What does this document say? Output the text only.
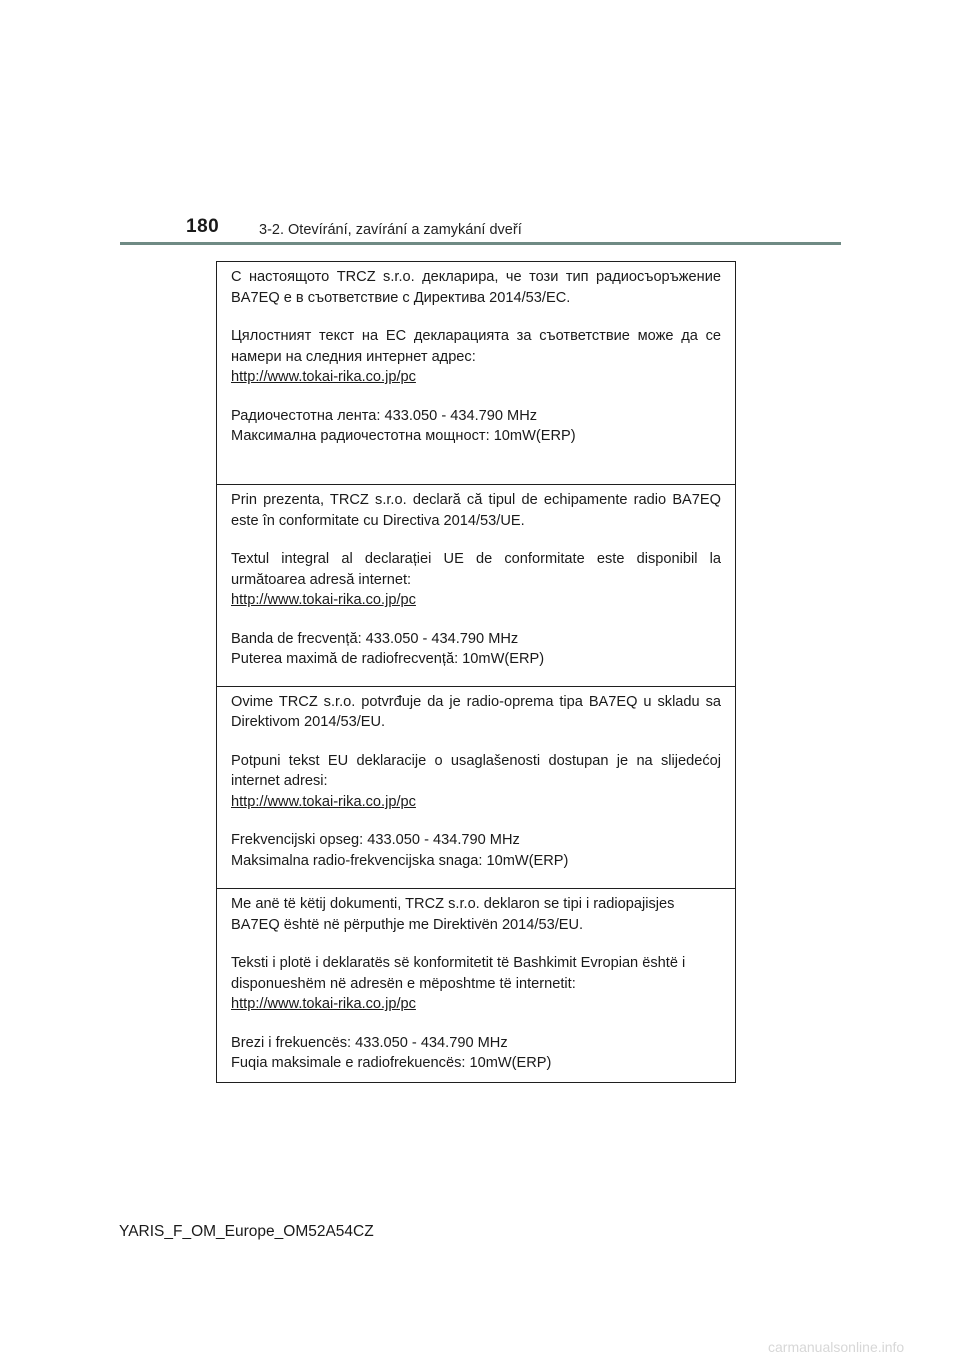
180	3-2. Otevírání, zavírání a zamykání dveří

С настоящото TRCZ s.r.o. декларира, че този тип радиосъоръжение BA7EQ е в съответствие с Директива 2014/53/EC.

Цялостният текст на ЕС декларацията за съответствие може да се намери на следния интернет адрес:

http://www.tokai-rika.co.jp/pc

Радиочестотна лента: 433.050 - 434.790 MHz

Максимална радиочестотна мощност: 10mW(ERP)

Prin prezenta, TRCZ s.r.o. declară că tipul de echipamente radio BA7EQ este în conformitate cu Directiva 2014/53/UE.

Textul integral al declarației UE de conformitate este disponibil la următoarea adresă internet:

http://www.tokai-rika.co.jp/pc

Banda de frecvență: 433.050 - 434.790 MHz

Puterea maximă de radiofrecvență: 10mW(ERP)

Ovime TRCZ s.r.o. potvrđuje da je radio-oprema tipa BA7EQ u skladu sa Direktivom 2014/53/EU.

Potpuni tekst EU deklaracije o usaglašenosti dostupan je na slijedećoj internet adresi:

http://www.tokai-rika.co.jp/pc

Frekvencijski opseg: 433.050 - 434.790 MHz

Maksimalna radio-frekvencijska snaga: 10mW(ERP)

Me anë të këtij dokumenti, TRCZ s.r.o. deklaron se tipi i radiopajisjes BA7EQ është në përputhje me Direktivën 2014/53/EU.

Teksti i plotë i deklaratës së konformitetit të Bashkimit Evropian është i disponueshëm në adresën e mëposhtme të internetit:

http://www.tokai-rika.co.jp/pc

Brezi i frekuencës: 433.050 - 434.790 MHz

Fuqia maksimale e radiofrekuencës: 10mW(ERP)

YARIS_F_OM_Europe_OM52A54CZ
carmanualsonline.info
